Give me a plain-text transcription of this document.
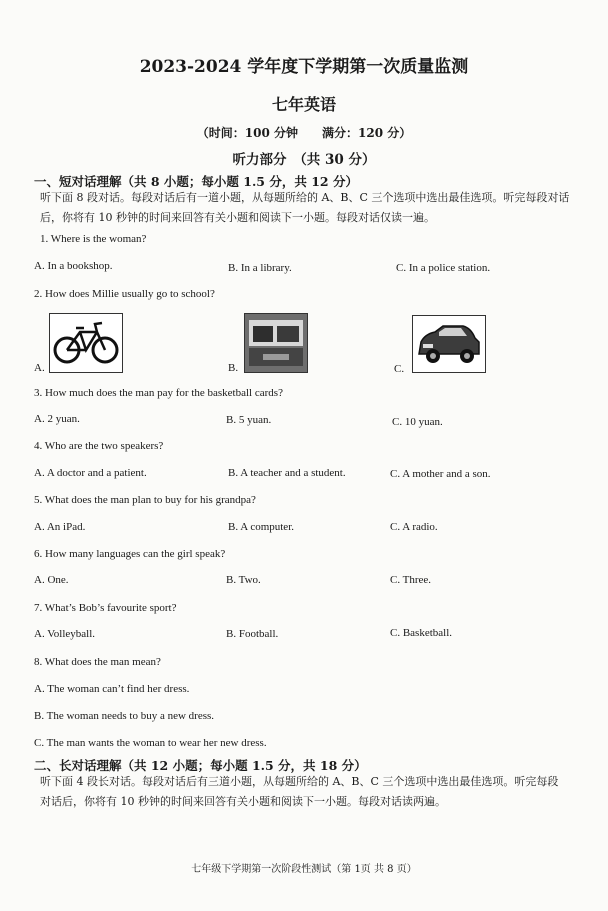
2023-2024 学年度下学期第一次质量监测
七年英语
（时间：100 分钟　　满分：120 分）
听力部分　（共 30 分）
一、短对话理解（共 8 小题；每小题 1.5 分，共 12 分）
听下面 8 段对话。每段对话后有一道小题，从每题所给的 A、B、C 三个选项中选出最佳选项。听完每段对话后，你将有 10 秒钟的时间来回答有关小题和阅读下一小题。每段对话仅读一遍。
1. Where is the woman?
A. In a bookshop.	B. In a library.	C. In a police station.
2. How does Millie usually go to school?
A.	B.	C.
3. How much does the man pay for the basketball cards?
A. 2 yuan.	B. 5 yuan.	C. 10 yuan.
4. Who are the two speakers?
A. A doctor and a patient.	B. A teacher and a student.	C. A mother and a son.
5. What does the man plan to buy for his grandpa?
A. An iPad.	B. A computer.	C. A radio.
6. How many languages can the girl speak?
A. One.	B. Two.	C. Three.
7. What’s Bob’s favourite sport?
A. Volleyball.	B. Football.	C. Basketball.
8. What does the man mean?
A. The woman can’t find her dress.
B. The woman needs to buy a new dress.
C. The man wants the woman to wear her new dress.
二、长对话理解（共 12 小题；每小题 1.5 分，共 18 分）
听下面 4 段长对话。每段对话后有三道小题，从每题所给的 A、B、C 三个选项中选出最佳选项。听完每段对话后，你将有 10 秒钟的时间来回答有关小题和阅读下一小题。每段对话读两遍。
七年级下学期第一次阶段性测试（第 1页 共 8 页）
